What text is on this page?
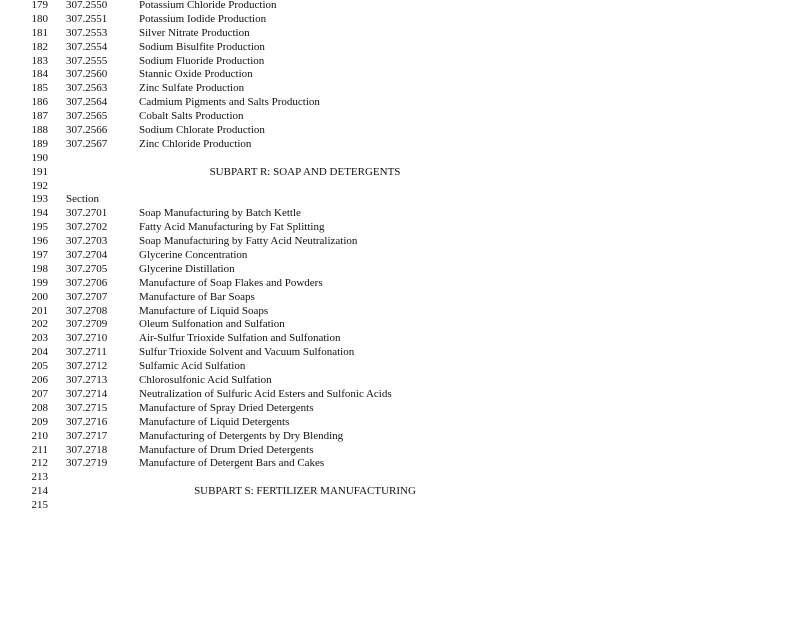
179 307.2550	Potassium Chloride Production
180 307.2551	Potassium Iodide Production
181 307.2553	Silver Nitrate Production
182 307.2554	Sodium Bisulfite Production
183 307.2555	Sodium Fluoride Production
184 307.2560	Stannic Oxide Production
185 307.2563	Zinc Sulfate Production
186 307.2564	Cadmium Pigments and Salts Production
187 307.2565	Cobalt Salts Production
188 307.2566	Sodium Chlorate Production
189 307.2567	Zinc Chloride Production
190
191	SUBPART R: SOAP AND DETERGENTS
192
193 Section
194 307.2701	Soap Manufacturing by Batch Kettle
195 307.2702	Fatty Acid Manufacturing by Fat Splitting
196 307.2703	Soap Manufacturing by Fatty Acid Neutralization
197 307.2704	Glycerine Concentration
198 307.2705	Glycerine Distillation
199 307.2706	Manufacture of Soap Flakes and Powders
200 307.2707	Manufacture of Bar Soaps
201 307.2708	Manufacture of Liquid Soaps
202 307.2709	Oleum Sulfonation and Sulfation
203 307.2710	Air-Sulfur Trioxide Sulfation and Sulfonation
204 307.2711	Sulfur Trioxide Solvent and Vacuum Sulfonation
205 307.2712	Sulfamic Acid Sulfation
206 307.2713	Chlorosulfonic Acid Sulfation
207 307.2714	Neutralization of Sulfuric Acid Esters and Sulfonic Acids
208 307.2715	Manufacture of Spray Dried Detergents
209 307.2716	Manufacture of Liquid Detergents
210 307.2717	Manufacturing of Detergents by Dry Blending
211 307.2718	Manufacture of Drum Dried Detergents
212 307.2719	Manufacture of Detergent Bars and Cakes
213
214	SUBPART S: FERTILIZER MANUFACTURING
215
